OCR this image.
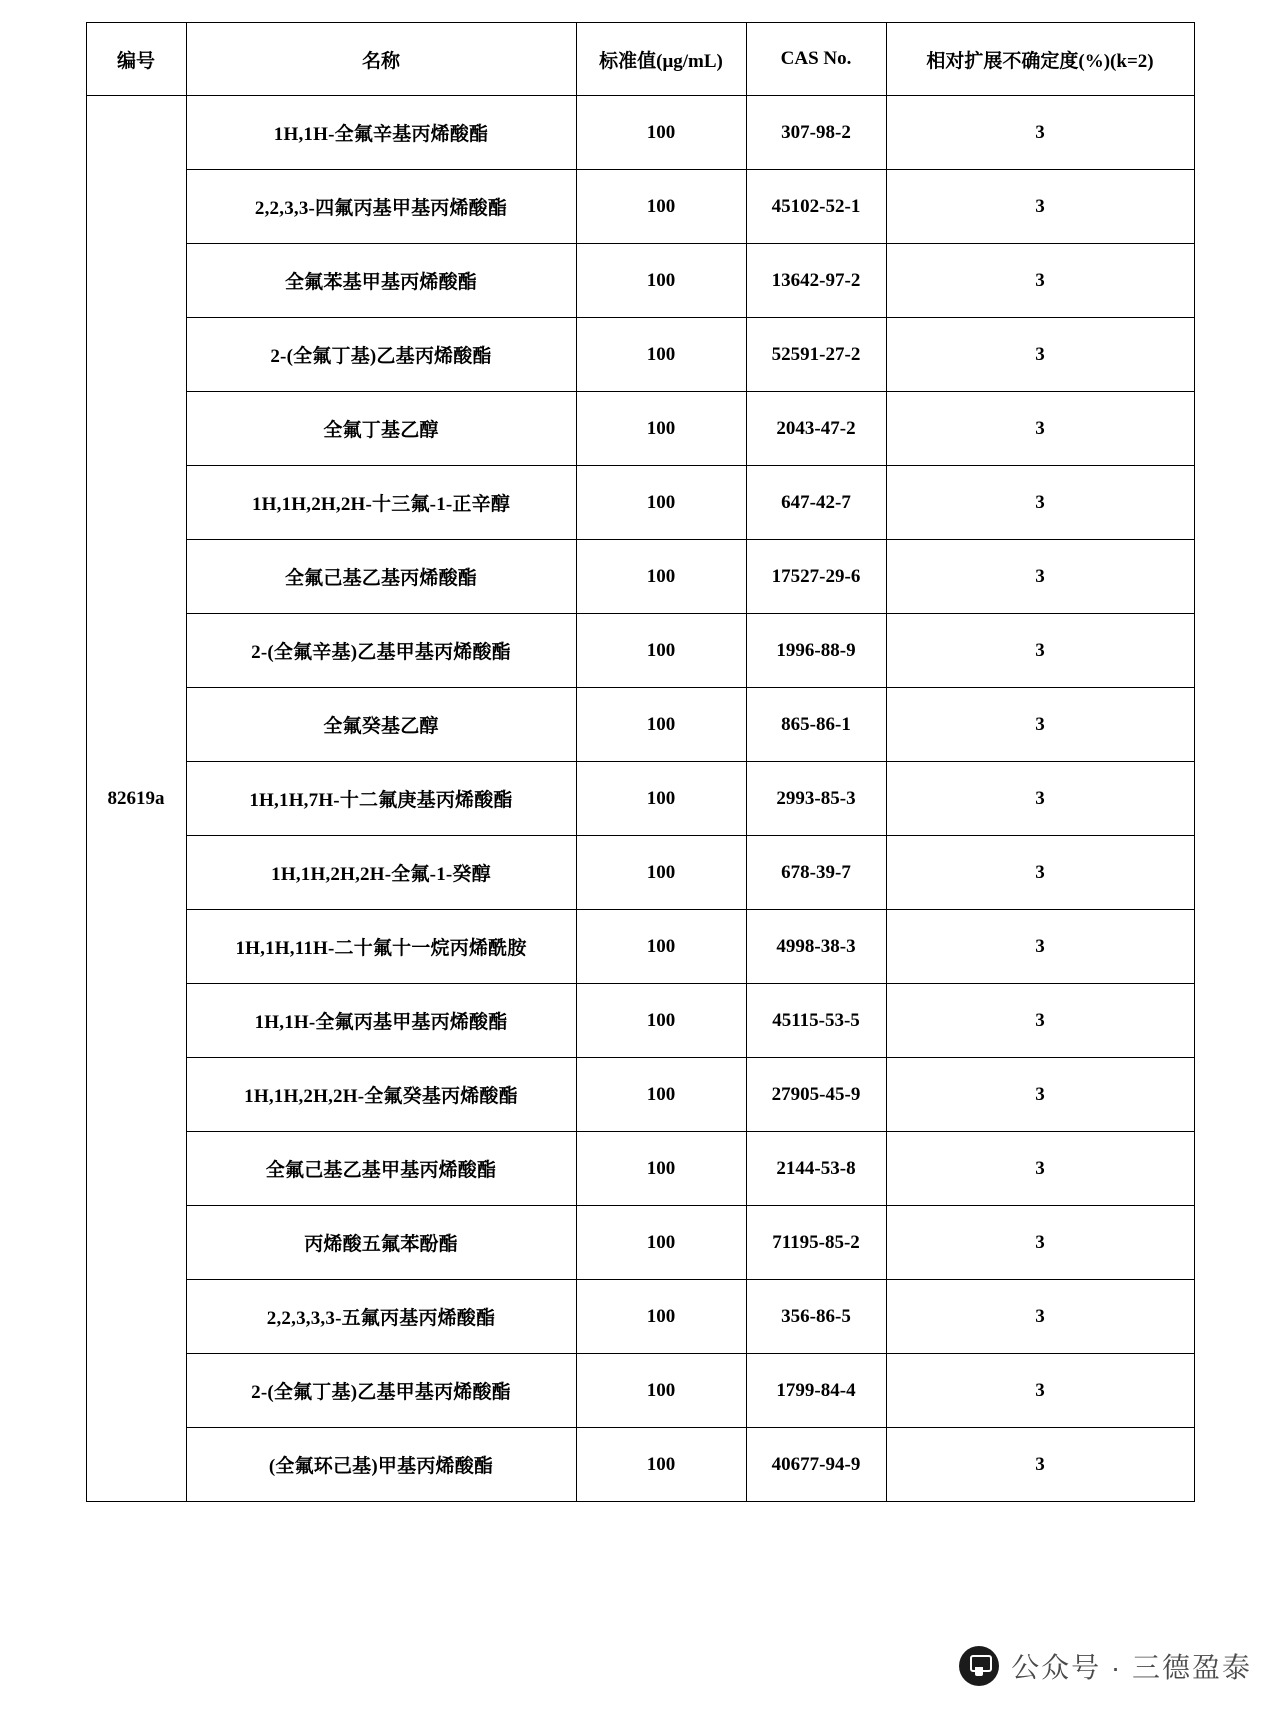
编号	名称	标准值(μg/mL)	CAS No.	相对扩展不确定度(%)(k=2)
82619a	1H,1H-全氟辛基丙烯酸酯	100	307-98-2	3
	2,2,3,3-四氟丙基甲基丙烯酸酯	100	45102-52-1	3
	全氟苯基甲基丙烯酸酯	100	13642-97-2	3
	2-(全氟丁基)乙基丙烯酸酯	100	52591-27-2	3
	全氟丁基乙醇	100	2043-47-2	3
	1H,1H,2H,2H-十三氟-1-正辛醇	100	647-42-7	3
	全氟己基乙基丙烯酸酯	100	17527-29-6	3
	2-(全氟辛基)乙基甲基丙烯酸酯	100	1996-88-9	3
	全氟癸基乙醇	100	865-86-1	3
	1H,1H,7H-十二氟庚基丙烯酸酯	100	2993-85-3	3
	1H,1H,2H,2H-全氟-1-癸醇	100	678-39-7	3
	1H,1H,11H-二十氟十一烷丙烯酰胺	100	4998-38-3	3
	1H,1H-全氟丙基甲基丙烯酸酯	100	45115-53-5	3
	1H,1H,2H,2H-全氟癸基丙烯酸酯	100	27905-45-9	3
	全氟己基乙基甲基丙烯酸酯	100	2144-53-8	3
	丙烯酸五氟苯酚酯	100	71195-85-2	3
	2,2,3,3,3-五氟丙基丙烯酸酯	100	356-86-5	3
	2-(全氟丁基)乙基甲基丙烯酸酯	100	1799-84-4	3
	(全氟环己基)甲基丙烯酸酯	100	40677-94-9	3
公众号 · 三德盈泰
